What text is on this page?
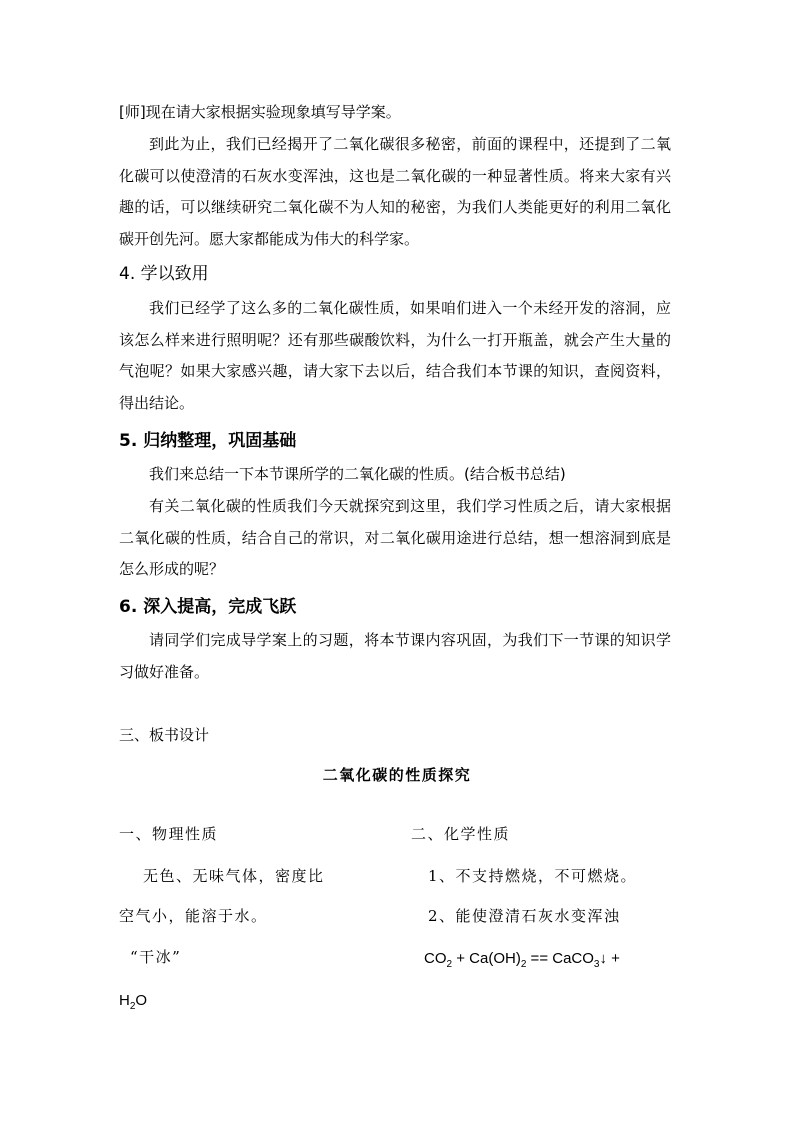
[师]现在请大家根据实验现象填写导学案。

到此为止，我们已经揭开了二氧化碳很多秘密，前面的课程中，还提到了二氧化碳可以使澄清的石灰水变浑浊，这也是二氧化碳的一种显著性质。将来大家有兴趣的话，可以继续研究二氧化碳不为人知的秘密，为我们人类能更好的利用二氧化碳开创先河。愿大家都能成为伟大的科学家。

4. 学以致用

我们已经学了这么多的二氧化碳性质，如果咱们进入一个未经开发的溶洞，应该怎么样来进行照明呢？还有那些碳酸饮料，为什么一打开瓶盖，就会产生大量的气泡呢？如果大家感兴趣，请大家下去以后，结合我们本节课的知识，查阅资料，得出结论。

5. 归纳整理，巩固基础

我们来总结一下本节课所学的二氧化碳的性质。(结合板书总结)

有关二氧化碳的性质我们今天就探究到这里，我们学习性质之后，请大家根据二氧化碳的性质，结合自己的常识，对二氧化碳用途进行总结，想一想溶洞到底是怎么形成的呢？

6. 深入提高，完成飞跃

请同学们完成导学案上的习题，将本节课内容巩固，为我们下一节课的知识学习做好准备。

三、板书设计

二氧化碳的性质探究

一、物理性质

无色、无味气体，密度比

空气小，能溶于水。

“干冰”

二、化学性质

1、不支持燃烧，不可燃烧。

2、能使澄清石灰水变浑浊

$CO_2 + Ca(OH)_2$ == CaCO$_3$↓ +
$H_2O$
